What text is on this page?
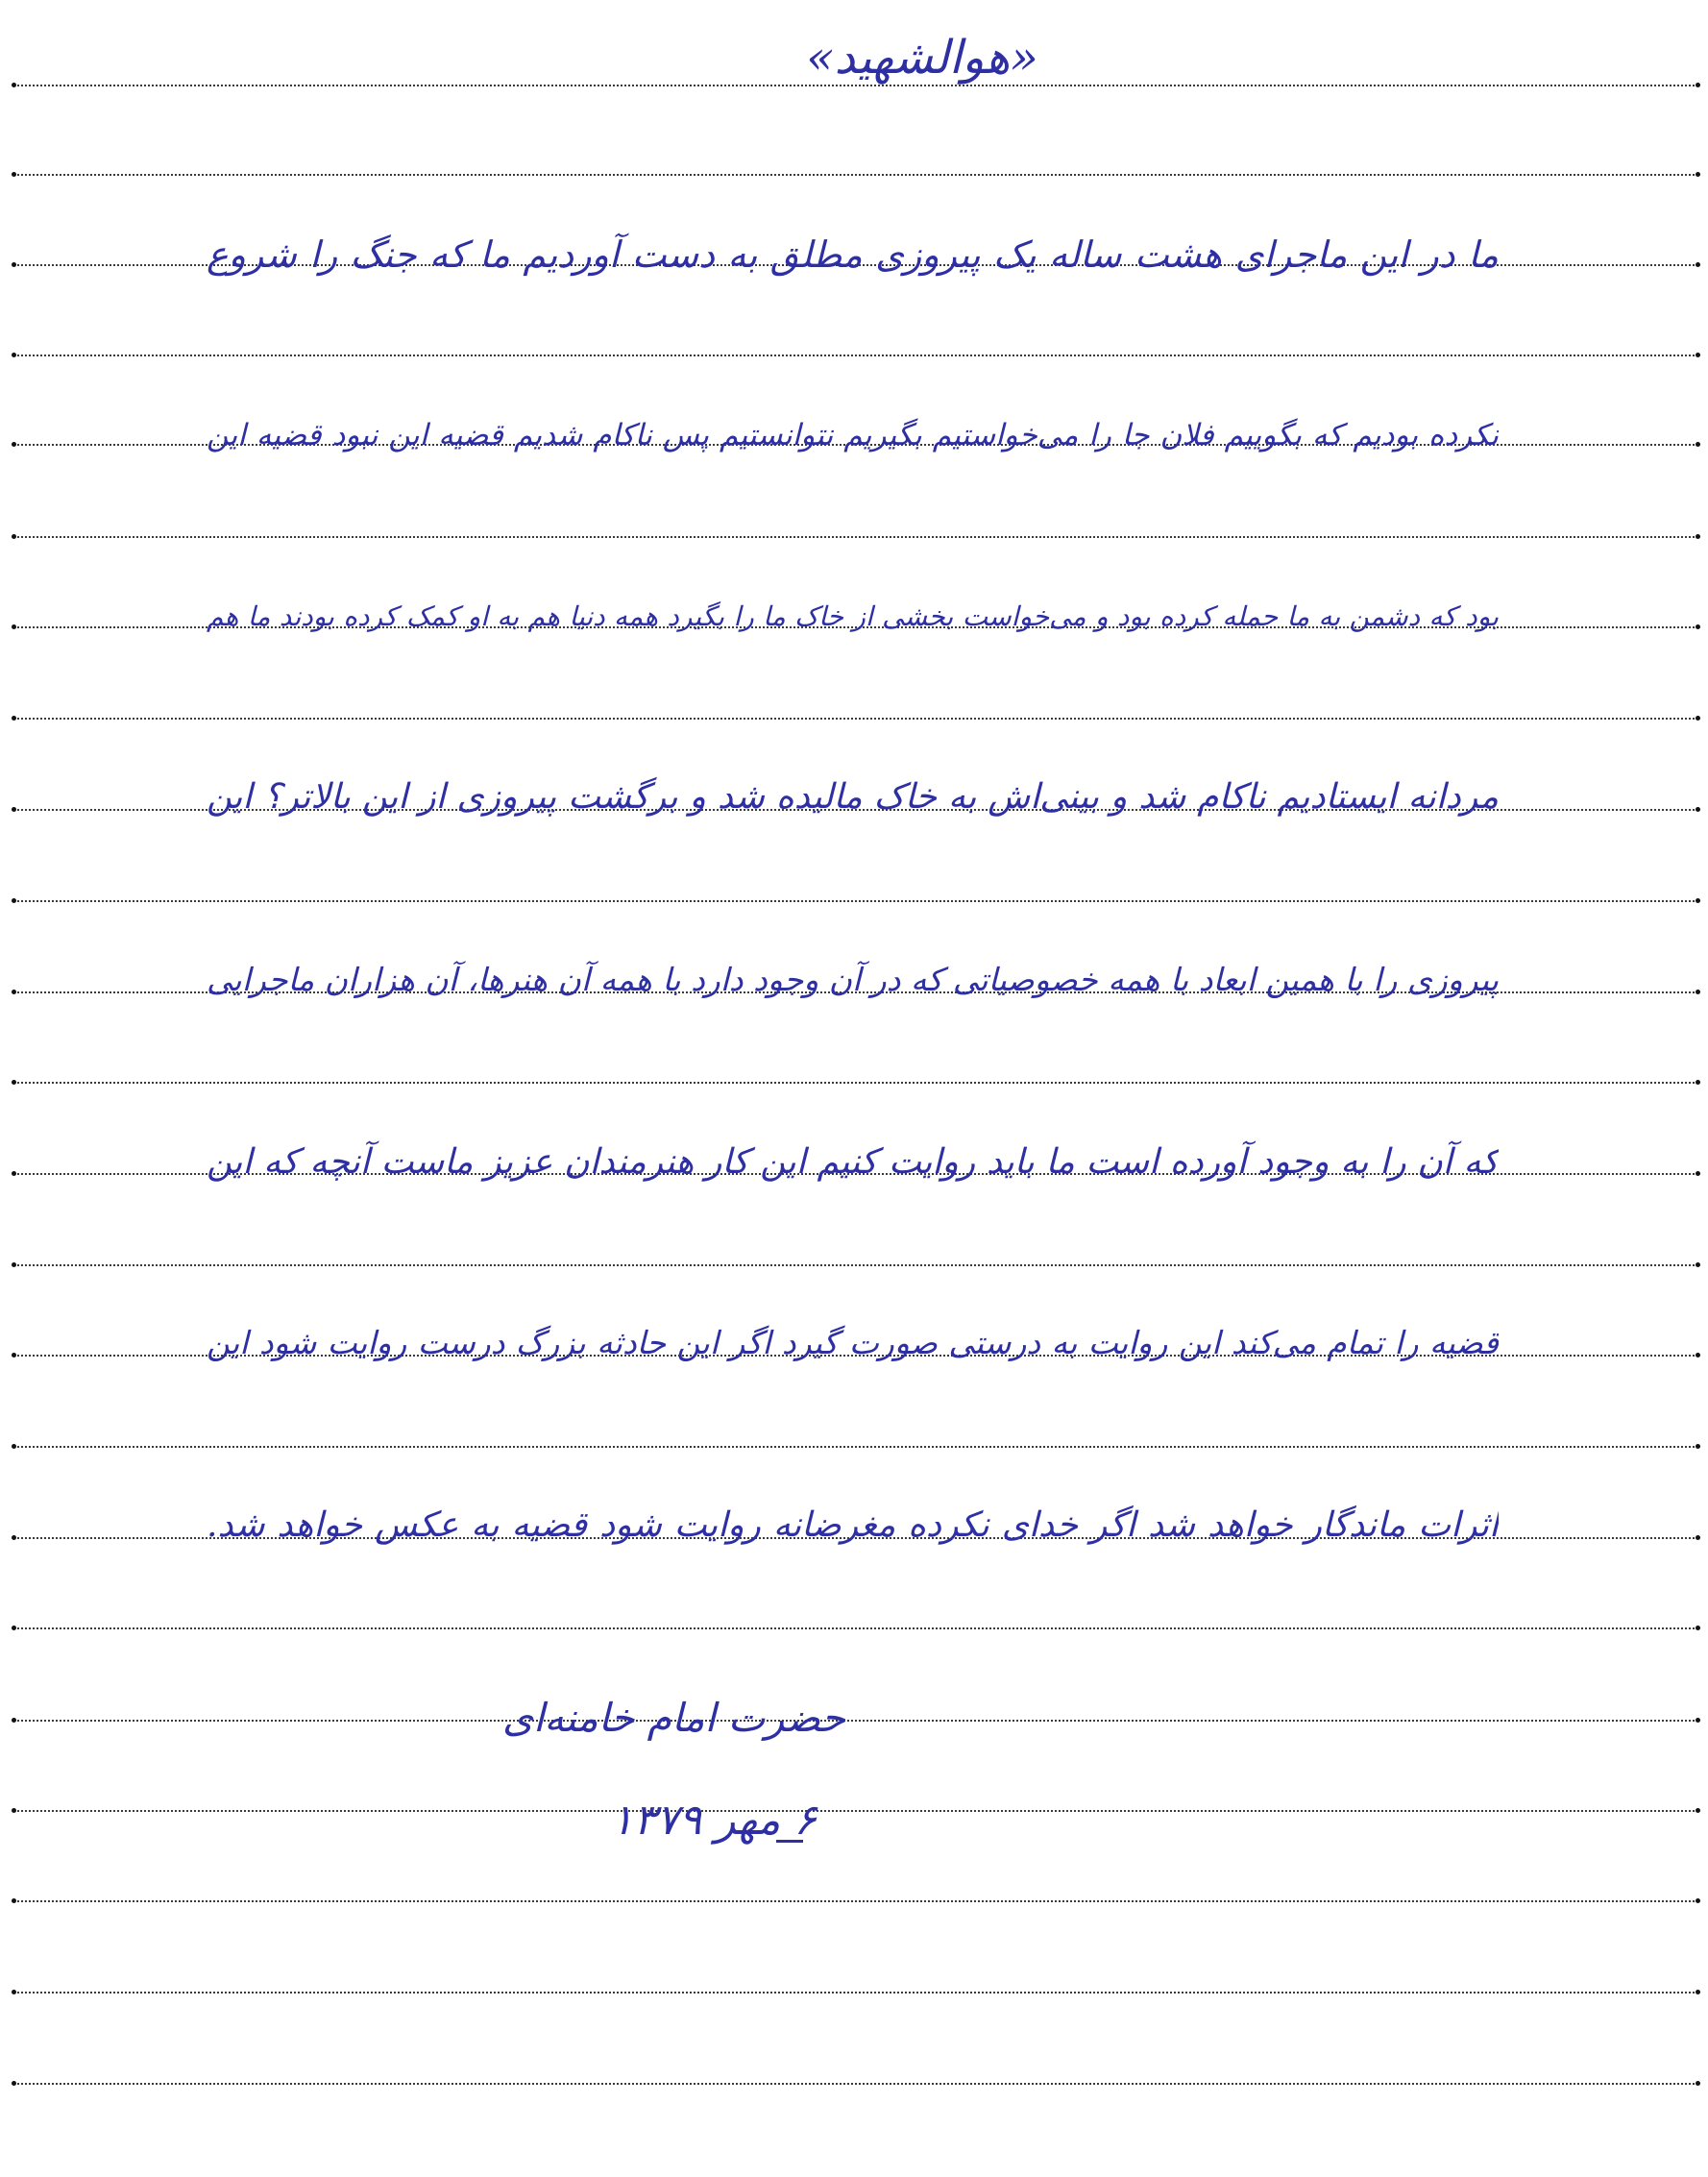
«هوالشهید»
ما در این ماجرای هشت ساله یک پیروزی مطلق به دست آوردیم ما که جنگ را شروع
نکرده بودیم که بگوییم فلان جا را می‌خواستیم بگیریم نتوانستیم پس ناکام شدیم قضیه این نبود قضیه این
بود که دشمن به ما حمله کرده بود و می‌خواست بخشی از خاک ما را بگیرد همه دنیا هم به او کمک کرده بودند ما هم
مردانه ایستادیم ناکام شد و بینی‌اش به خاک مالیده شد و برگشت پیروزی از این بالاتر؟ این
پیروزی را با همین ابعاد با همه خصوصیاتی که در آن وجود دارد با همه آن هنرها، آن هزاران ماجرایی
که آن را به وجود آورده است ما باید روایت کنیم این کار هنرمندان عزیز ماست آنچه که این
قضیه را تمام می‌کند این روایت به درستی صورت گیرد اگر این حادثه بزرگ درست روایت شود این
اثرات ماندگار خواهد شد اگر خدای نکرده مغرضانه روایت شود قضیه به عکس خواهد شد.
حضرت امام خامنه‌ای
۶ مهر ۱۳۷۹
